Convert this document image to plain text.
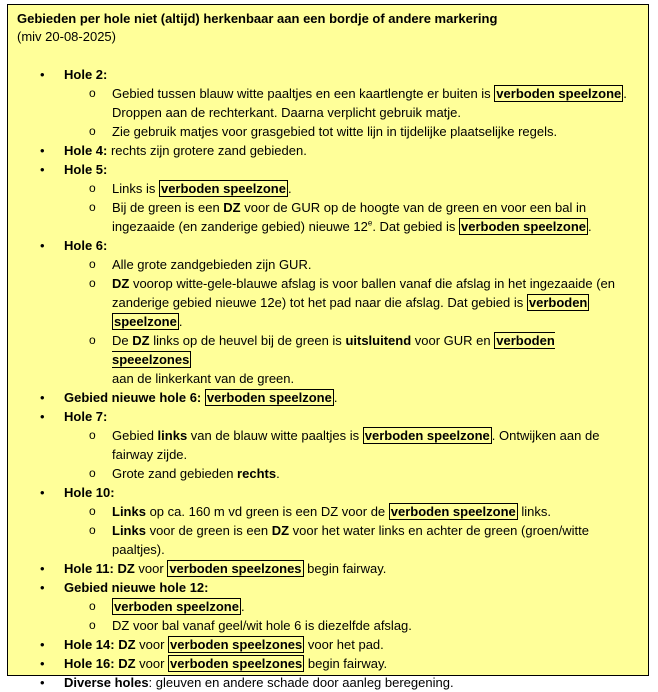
Gebieden per hole niet (altijd) herkenbaar aan een bordje of andere markering
(miv 20-08-2025)
• Hole 2:
o Gebied tussen blauw witte paaltjes en een kaartlengte er buiten is verboden speelzone .
Droppen aan de rechterkant. Daarna verplicht gebruik matje.
o Zie gebruik matjes voor grasgebied tot witte lijn in tijdelijke plaatselijke regels.
• Hole 4: rechts zijn grotere zand gebieden.
• Hole 5:
o Links is verboden speelzone .
o Bij de green is een DZ voor de GUR op de hoogte van de green en voor een bal in
ingezaaide (en zanderige gebied) nieuwe 12e. Dat gebied is verboden speelzone .
• Hole 6:
o Alle grote zandgebieden zijn GUR.
o DZ voorop witte-gele-blauwe afslag is voor ballen vanaf die afslag in het ingezaaide (en
zanderige gebied nieuwe 12e) tot het pad naar die afslag. Dat gebied is verboden
speelzone .
o De DZ links op de heuvel bij de green is uitsluitend voor GUR en verboden speeelzones
aan de linkerkant van de green.
• Gebied nieuwe hole 6: verboden speelzone .
• Hole 7:
o Gebied links van de blauw witte paaltjes is verboden speelzone . Ontwijken aan de
fairway zijde.
o Grote zand gebieden rechts.
• Hole 10:
o Links op ca. 160 m vd green is een DZ voor de verboden speelzone links.
o Links voor de green is een DZ voor het water links en achter de green (groen/witte
paaltjes).
• Hole 11: DZ voor verboden speelzones begin fairway.
• Gebied nieuwe hole 12:
o verboden speelzone .
o DZ voor bal vanaf geel/wit hole 6 is diezelfde afslag.
• Hole 14: DZ voor verboden speelzones voor het pad.
• Hole 16: DZ voor verboden speelzones begin fairway.
• Diverse holes: gleuven en andere schade door aanleg beregening.
